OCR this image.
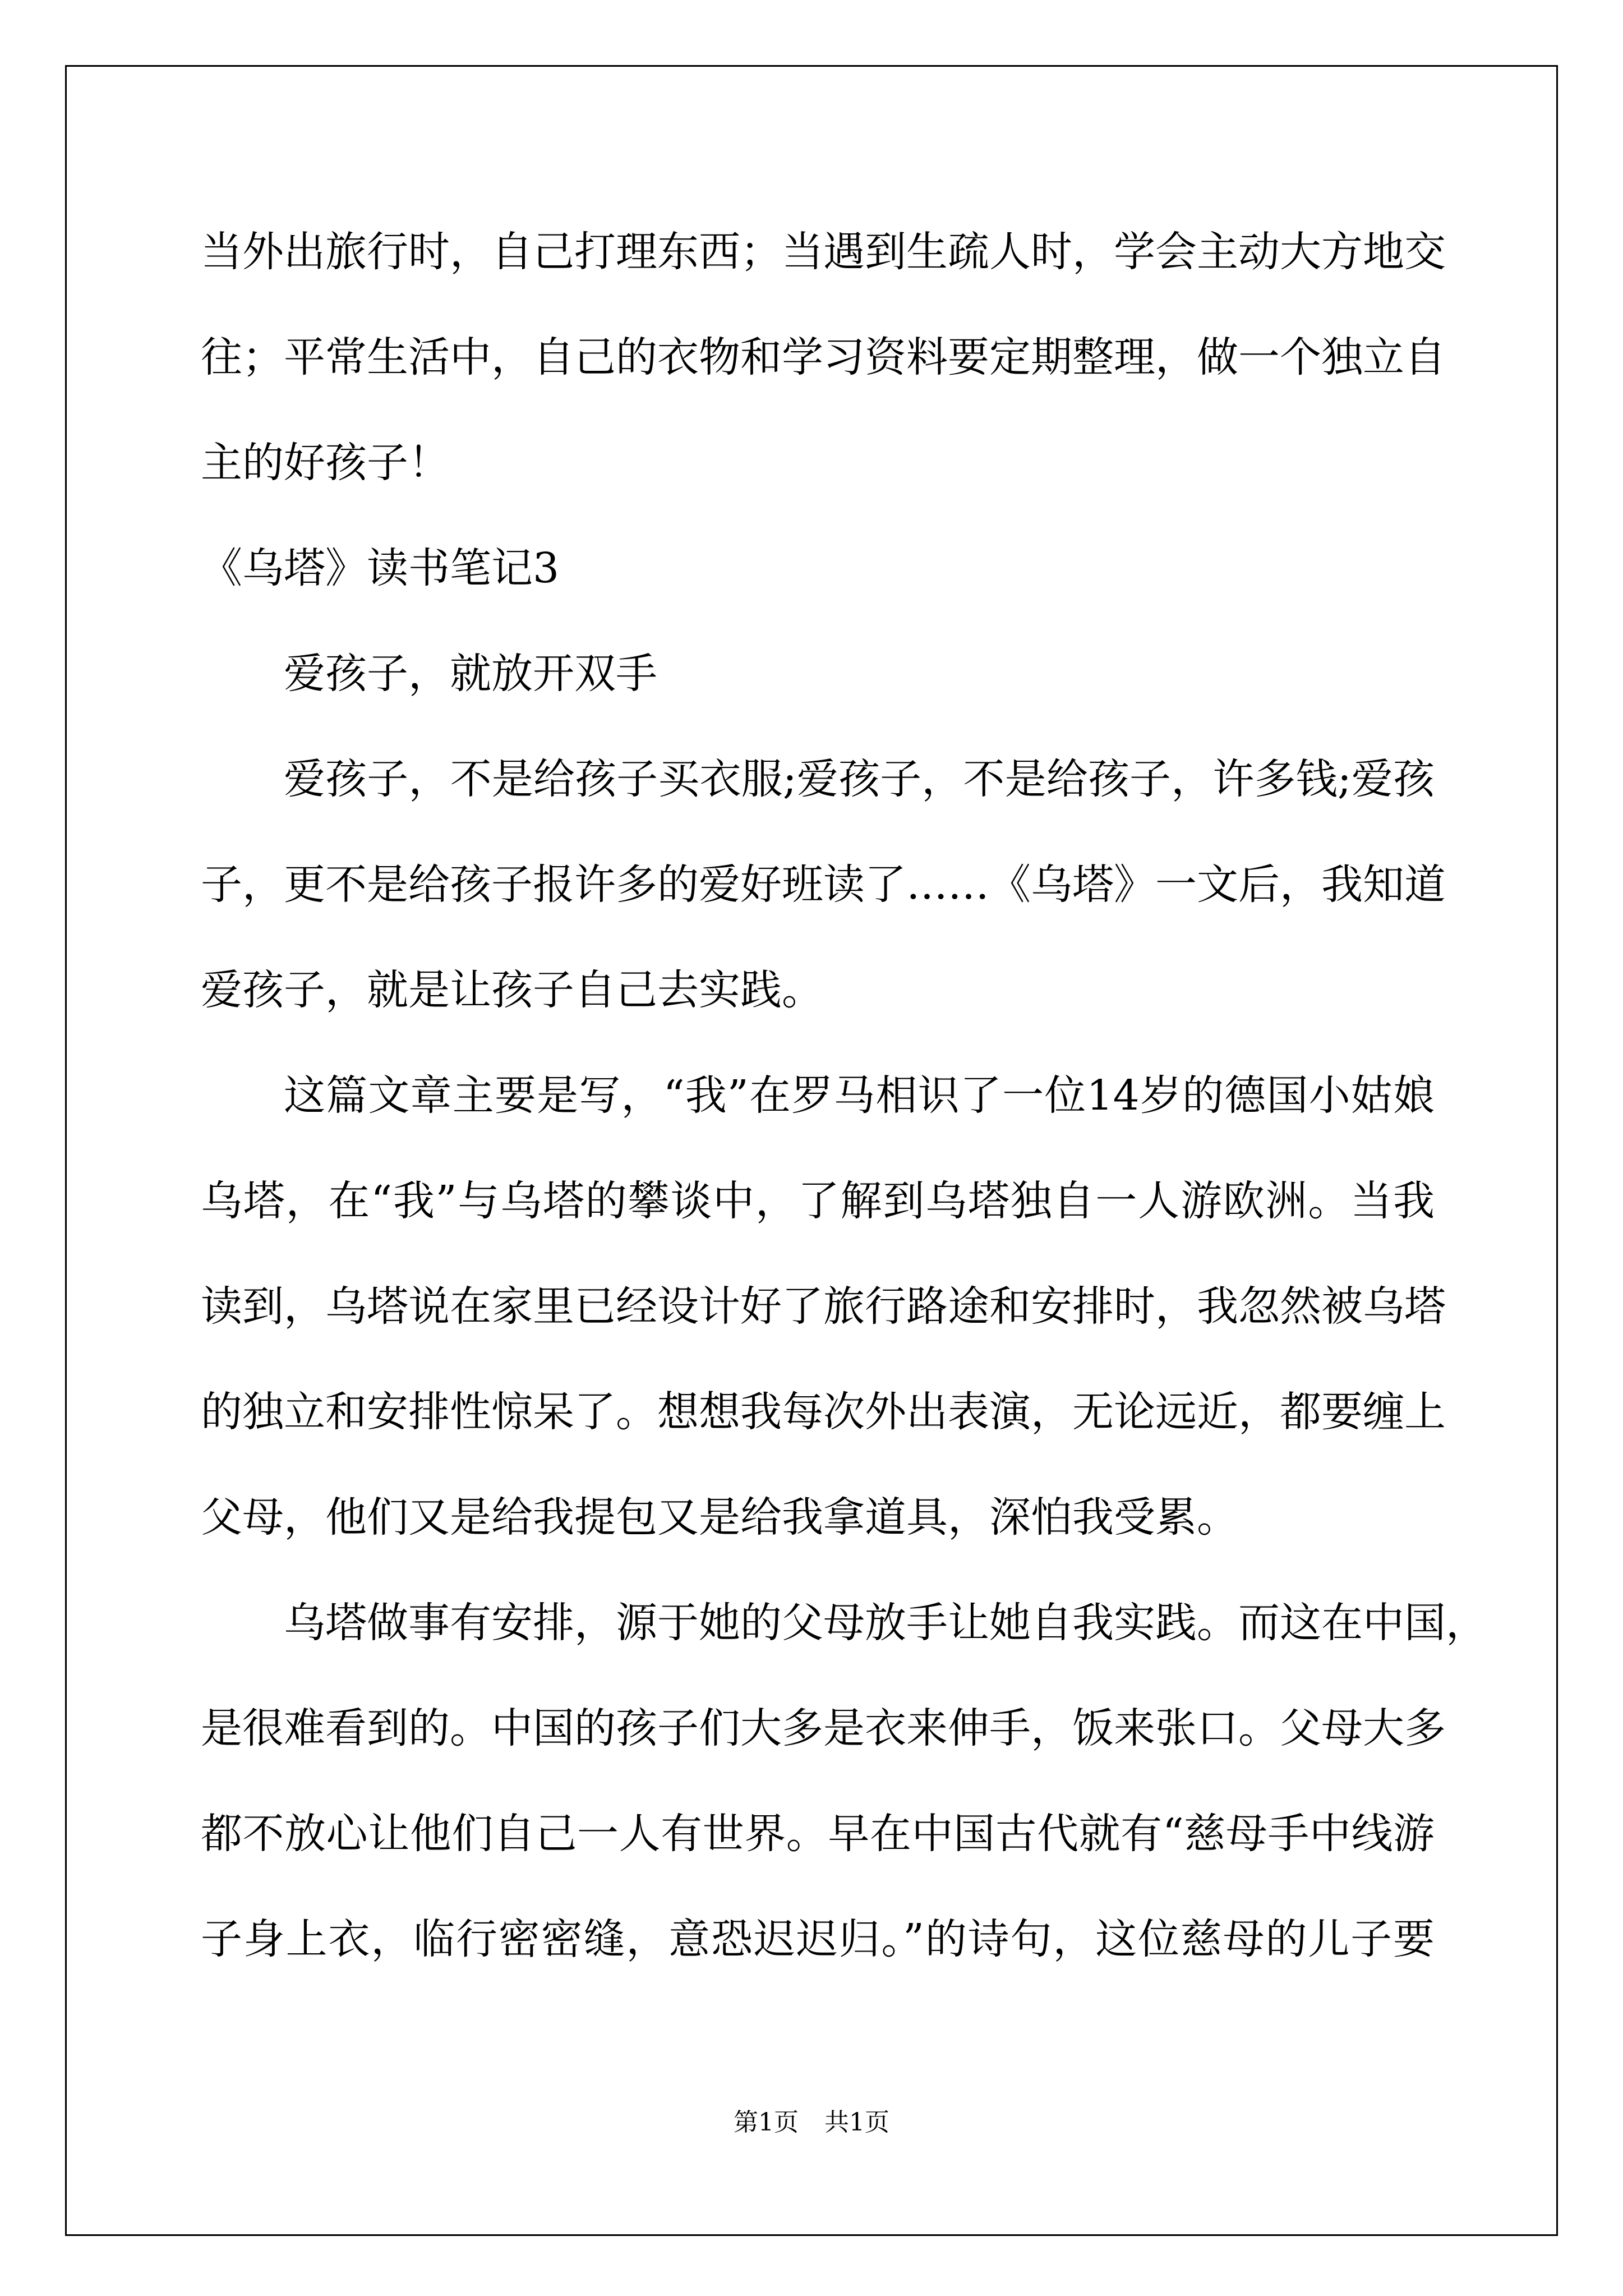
当外出旅行时，自己打理东西；当遇到生疏人时，学会主动大方地交
往；平常生活中，自己的衣物和学习资料要定期整理，做一个独立自
主的好孩子！
《乌塔》读书笔记3
爱孩子，就放开双手
爱孩子，不是给孩子买衣服;爱孩子，不是给孩子，许多钱;爱孩
子，更不是给孩子报许多的爱好班读了……《乌塔》一文后，我知道
爱孩子，就是让孩子自己去实践。
这篇文章主要是写，“我”在罗马相识了一位14岁的德国小姑娘
乌塔，在“我”与乌塔的攀谈中，了解到乌塔独自一人游欧洲。当我
读到，乌塔说在家里已经设计好了旅行路途和安排时，我忽然被乌塔
的独立和安排性惊呆了。想想我每次外出表演，无论远近，都要缠上
父母，他们又是给我提包又是给我拿道具，深怕我受累。
乌塔做事有安排，源于她的父母放手让她自我实践。而这在中国，
是很难看到的。中国的孩子们大多是衣来伸手，饭来张口。父母大多
都不放心让他们自己一人有世界。早在中国古代就有“慈母手中线游
子身上衣，临行密密缝，意恐迟迟归。”的诗句，这位慈母的儿子要
第1页 共1页
